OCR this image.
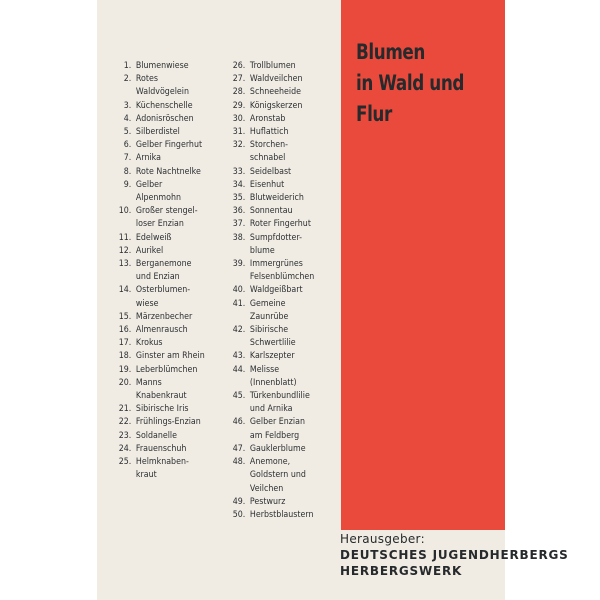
Blumen
in Wald und
Flur
1. Blumenwiese
2. Rotes
Waldvögelein
3. Küchenschelle
4. Adonisröschen
5. Silberdistel
6. Gelber Fingerhut
7. Arnika
8. Rote Nachtnelke
9. Gelber
Alpenmohn
10. Großer stengel-
loser Enzian
11. Edelweiß
12. Aurikel
13. Berganemone
und Enzian
14. Osterblumen-
wiese
15. Märzenbecher
16. Almenrausch
17. Krokus
18. Ginster am Rhein
19. Leberblümchen
20. Manns
Knabenkraut
21. Sibirische Iris
22. Frühlings-Enzian
23. Soldanelle
24. Frauenschuh
25. Helmknaben-
kraut
26. Trollblumen
27. Waldveilchen
28. Schneeheide
29. Königskerzen
30. Aronstab
31. Huflattich
32. Storchen-
schnabel
33. Seidelbast
34. Eisenhut
35. Blutweiderich
36. Sonnentau
37. Roter Fingerhut
38. Sumpfdotter-
blume
39. Immergrünes
Felsenblümchen
40. Waldgeißbart
41. Gemeine
Zaunrübe
42. Sibirische
Schwertlilie
43. Karlszepter
44. Melisse
(Innenblatt)
45. Türkenbundlilie
und Arnika
46. Gelber Enzian
am Feldberg
47. Gauklerblume
48. Anemone,
Goldstern und
Veilchen
49. Pestwurz
50. Herbstblaustern
Herausgeber:
DEUTSCHES JUGENDHERBERGS
HERBERGSWERK
